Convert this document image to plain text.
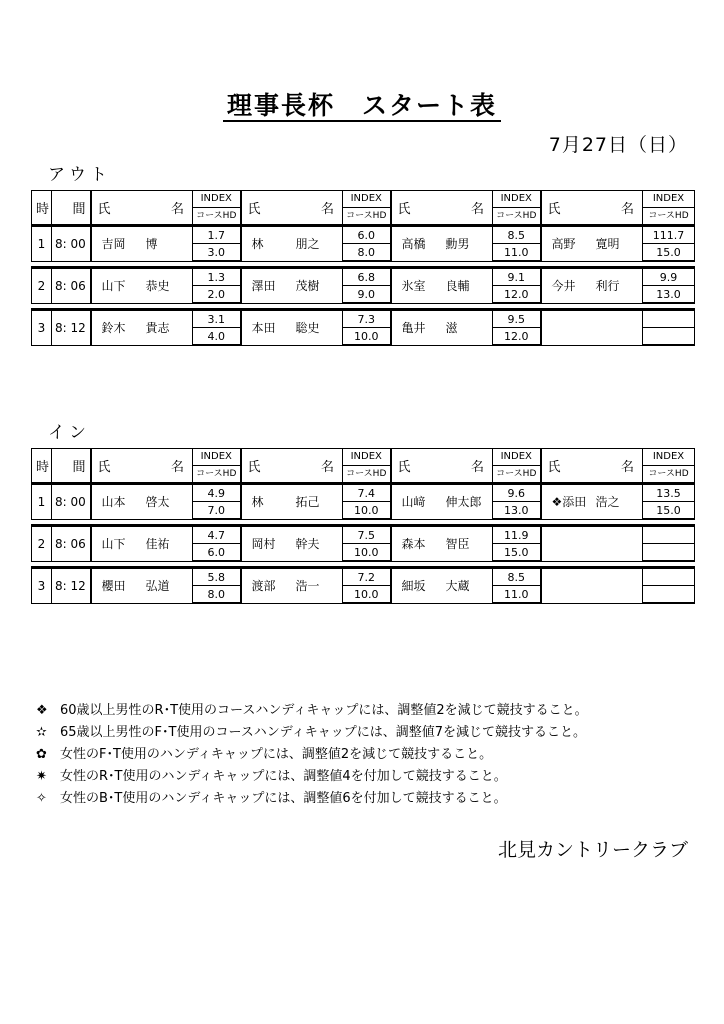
理事長杯　スタート表
7月27日（日）
アウト
時	間	氏 名	INDEX	氏 名	INDEX	氏 名	INDEX	氏 名	INDEX
			コースHD		コースHD		コースHD		コースHD
1	8: 00	吉岡 博	1.7	林 朋之	6.0	高橋 勳男	8.5	高野 寛明	111.7
			3.0		8.0		11.0		15.0

2	8: 06	山下 恭史	1.3	澤田 茂樹	6.8	氷室 良輔	9.1	今井 利行	9.9
			2.0		9.0		12.0		13.0

3	8: 12	鈴木 貴志	3.1	本田 聡史	7.3	亀井 滋	9.5		
			4.0		10.0		12.0		
イン
時	間	氏 名	INDEX	氏 名	INDEX	氏 名	INDEX	氏 名	INDEX
			コースHD		コースHD		コースHD		コースHD
1	8: 00	山本 啓太	4.9	林 拓己	7.4	山﨑 伸太郎	9.6	❖添田 浩之	13.5
			7.0		10.0		13.0		15.0

2	8: 06	山下 佳祐	4.7	岡村 幹夫	7.5	森本 智臣	11.9		
			6.0		10.0		15.0		

3	8: 12	櫻田 弘道	5.8	渡部 浩一	7.2	細坂 大蔵	8.5		
			8.0		10.0		11.0		
❖ 60歳以上男性のR･T使用のコースハンディキャップには、調整値2を減じて競技すること。
✫ 65歳以上男性のF･T使用のコースハンディキャップには、調整値7を減じて競技すること。
✿ 女性のF･T使用のハンディキャップには、調整値2を減じて競技すること。
✷ 女性のR･T使用のハンディキャップには、調整値4を付加して競技すること。
✧ 女性のB･T使用のハンディキャップには、調整値6を付加して競技すること。
北見カントリークラブ
